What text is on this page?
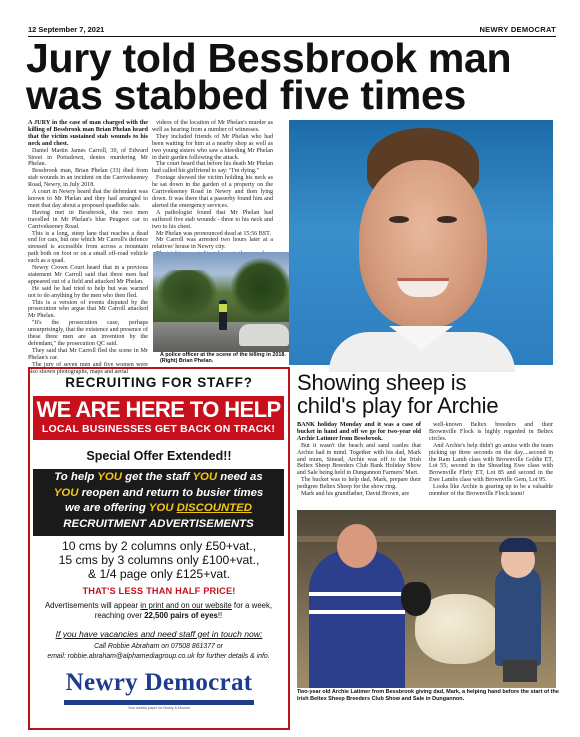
12 September 7, 2021	NEWRY DEMOCRAT
Jury told Bessbrook man was stabbed five times

A JURY in the case of man charged with the killing of Bessbrook man Brian Phelan heard that the victim sustained stab wounds to his neck and chest.

Daniel Martin James Carroll, 30, of Edward Street in Portadown, denies murdering Mr Phelan.

Bessbrook man, Brian Phelan (33) died from stab wounds in an incident on the Carrivekeeney Road, Newry, in July 2018.

A court in Newry heard that the defendant was known to Mr Phelan and they had arranged to meet that day about a proposed quadbike sale.

Having met in Bessbrook, the two men travelled in Mr Phelan's blue Peugeot car to Carrivekeeney Road.

This is a long, steep lane that reaches a dead end for cars, but one which Mr Carroll's defence stressed is accessible from across a mountain path both on foot or on a small off-road vehicle such as a quad.

Newry Crown Court heard that in a previous statement Mr Carroll said that three men had appeared out of a field and attacked Mr Phelan.

He said he had tried to help but was warned not to do anything by the men who then fled.

This is a version of events disputed by the prosecution who argue that Mr Carroll attacked Mr Phelan.

"It's the prosecution case, perhaps unsurprisingly, that the existence and presence of these three men are an invention by the defendant," the prosecution QC said.

They said that Mr Carroll fled the scene in Mr Phelan's car.

The jury of seven men and five women were also shown photographs, maps and aerial

videos of the location of Mr Phelan's murder as well as hearing from a number of witnesses.

They included friends of Mr Phelan who had been waiting for him at a nearby shop as well as two young sisters who saw a bleeding Mr Phelan in their garden following the attack.

The court heard that before his death Mr Phelan had called his girlfriend to say: "I'm dying."

Footage showed the victim holding his neck as he sat down in the garden of a property on the Carrivekeeney Road in Newry and then lying down. It was there that a passerby found him and alerted the emergency services.

A pathologist found that Mr Phelan had suffered five stab wounds - three to his neck and two to his chest.

Mr Phelan was pronounced dead at 15:56 BST.

Mr Carroll was arrested two hours later at a relatives' house in Newry city.

A police officer at the scene of the killing in 2018. (Right) Brian Phelan.
RECRUITING FOR STAFF?
WE ARE HERE TO HELP
LOCAL BUSINESSES GET BACK ON TRACK!
Special Offer Extended!!
To help YOU get the staff YOU need as
YOU reopen and return to busier times
we are offering YOU DISCOUNTED
RECRUITMENT ADVERTISEMENTS
10 cms by 2 columns only £50+vat.,
15 cms by 3 columns only £100+vat.,
& 1/4 page only £125+vat.
THAT'S LESS THAN HALF PRICE!
Advertisements will appear in print and on our website for a week, reaching over 22,500 pairs of eyes!!
If you have vacancies and need staff get in touch now:
Call Robbie Abraham on 07508 861377 or
email: robbie.abraham@alphamediagroup.co.uk for further details & info.
Newry Democrat
Your weekly paper for Newry & Mourne
Showing sheep is
child's play for Archie

BANK holiday Monday and it was a case of bucket in hand and off we go for two-year old Archie Latimer from Bessbrook.

But it wasn't the beach and sand castles that Archie had in mind. Together with his dad, Mark and mum, Sinead, Archie was off to the Irish Beltex Sheep Breeders Club Bank Holiday Show and Sale being held in Dungannon Farmers' Mart.

The bucket was to help dad, Mark, prepare their pedigree Beltex Sheep for the show ring.

Mark and his grandfather, David Brown, are

well-known Beltex breeders and their Brownville Flock is highly regarded in Beltex circles.

And Archie's help didn't go amiss with the team picking up three seconds on the day....second in the Ram Lamb class with Brownville Goldie ET, Lot 55; second in the Shearling Ewe class with Brownville Flirty ET, Lot 85 and second in the Ewe Lambs class with Brownville Gem, Lot 95.

Looks like Archie is gearing up to be a valuable member of the Brownville Flock team!

Two-year old Archie Latimer from Bessbrook giving dad, Mark, a helping hand before the start of the Irish Beltex Sheep Breeders Club Show and Sale in Dungannon.
